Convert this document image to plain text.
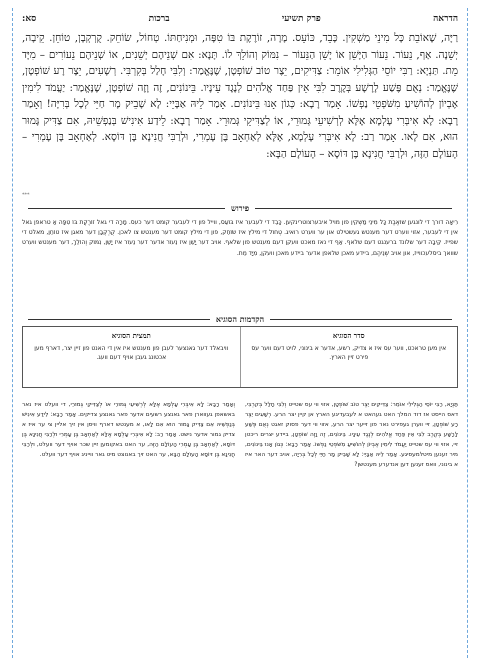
הדראה
פרק תשיעי
ברכות
סא:
רַיָּה, שֶׁאוֹבֵת כָּל מִינֵי מַשְׁקִין. כָּבֵד, כּוֹעֵס. מָרָה, זוֹרֶקֶת בּוֹ טִפָּה, וּמְנִיחַתּוֹ. טְחוֹל, שׂוֹחֵק. קֻרְקְבָן, טוֹחֵן. קֵיבָה, יְשֵׁנָה. אַף, נֵעוֹר. נֵעוֹר הַיָּשֵׁן אוֹ יָשֵׁן הַנֵּעוֹר – נִמּוֹק וְהוֹלֵךְ לוֹ. תָּנָא: אִם שְׁנֵיהֶם יְשֵׁנִים, אוֹ שְׁנֵיהֶם נֵעוֹרִים – מִיָּד מֵת. תַּנְיָא: רַבִּי יוֹסֵי הַגְּלִילִי אוֹמֵר: צַדִּיקִים, יֵצֶר טוֹב שׁוֹפְטָן, שֶׁנֶּאֱמַר: וְלִבִּי חָלַל בְּקִרְבִּי. רְשָׁעִים, יֵצֶר רָע שׁוֹפְטָן, שֶׁנֶּאֱמַר: נְאֻם פֶּשַׁע לָרָשָׁע בְּקֶרֶב לִבִּי אֵין פַּחַד אֱלֹהִים לְנֶגֶד עֵינָיו. בֵּינוֹנִים, זֶה וָזֶה שׁוֹפְטָן, שֶׁנֶּאֱמַר: יַעֲמֹד לִימִין אֶבְיוֹן לְהוֹשִׁיעַ מִשֹּׁפְטֵי נַפְשׁוֹ. אָמַר רָבָא: כְּגוֹן אָנוּ בֵּינוֹנִים. אָמַר לֵיהּ אַבָּיֵי: לָא שָׁבֵיק מָר חַיֵּי לְכָל בְּרִיָּה! וְאָמַר רָבָא: לָא אִיבְּרִי עָלְמָא אֶלָּא לְרְשִׁיעֵי גְּמוּרֵי, אוֹ לְצַדִּיקֵי גְּמוּרֵי. אָמַר רָבָא: לֵידַע אִינִישׁ בְּנַפְשֵׁיהּ, אִם צַדִּיק גָּמוּר הוּא, אִם לָאו. אָמַר רַב: לָא אִיבְּרִי עָלְמָא, אֶלָּא לְאַחְאָב בֶּן עָמְרִי, וּלְרַבִּי חֲנִינָא בֶּן דּוֹסָא. לְאַחְאָב בֶּן עָמְרִי – הָעוֹלָם הַזֶּה, וּלְרַבִּי חֲנִינָא בֶּן דּוֹסָא – הָעוֹלָם הַבָּא:
***
פירוש
רִיאָה דורך די לונגען שׁוֹאֶבֶת כָּל מִינֵי מַשְׁקִין פון מויל איבערצוטרינקען. כָּבֵד די לעבער איז בּוֹעֵס, ווייל פון די לעבער קומט דער כעס. מָרָה די גאל זוֹרֶקֶת בּוֹ טִפָּה אַ טראפן גאל אין די לעבער, אזוי ווערט דער מענטש געשטילט און ער ווערט רואיג. טְחוֹל די מילץ איז שׂוֹחֵק, פון די מילץ קומט דער מענטש צו לאכן. קֻרְקְבָן דער מאגן איז טוֹחֵן, מאלט די שפייז. קֵיבָה דער שלונד ברענגט דעם שלאף. אַף די נאז מאכט וועקן דעם מענטש פון שלאף. אויב דער יָשֵׁן איז נֵעוֹר אדער דער נֵעוֹר איז יָשֵׁן, נִמּוֹק וְהוֹלֵךְ, דער מענטש ווערט שוואך ביסלעכווייז, און אויב שְׁנֵיהֶם, ביידע מאכן שלאפן אדער ביידע מאכן וועקן, מִיָּד מֵת.
הקדמות הסוגיא
סדר הסוגיא
אין מען טראכט, ווער עס איז א צדיק, רשע, אדער א בינוני, לויט דעם ווער עס פירט זיין הארץ.
תמצית הסוגיא
וויבאלד דער גאנצער לעבן פון מענטש איז אין די האנט פון זיין יצר, דארף מען אכטונג געבן אויף דעם וועג.
תַּנְיָא, רַבִּי יוֹסֵי הַגְּלִילִי אוֹמֵר: צַדִּיקִים יֵצֶר טוֹב שׁוֹפְטָן, אזוי ווי עס שטייט וְלִבִּי חָלַל בְּקִרְבִּי, דאס הייסט אז דוד המלך האט געהאט א לעבעדיגע הארץ אן קיין יצר הרע. רְשָׁעִים יֵצֶר רָע שׁוֹפְטָן, זיי ווערן געפירט נאר פון זייער יצר הרע, אזוי ווי דער פסוק זאגט נְאֻם פֶּשַׁע לָרָשָׁע בְּקֶרֶב לִבִּי אֵין פַּחַד אֱלֹהִים לְנֶגֶד עֵינָיו. בֵּינוֹנִים, זֶה וָזֶה שׁוֹפְטָן, ביידע יצרים ריכטן זיי, אזוי ווי עס שטייט יַעֲמֹד לִימִין אֶבְיוֹן לְהוֹשִׁיעַ מִשֹּׁפְטֵי נַפְשׁוֹ. אָמַר רָבָא: כְּגוֹן אָנוּ בֵּינוֹנִים, מיר זענען מיטלמעסיגע. אָמַר לֵיהּ אַבָּיֵי: לָא שָׁבֵיק מָר חַיֵּי לְכָל בְּרִיָּה, אויב דער האר איז א בינוני, וואס זענען דען אנדערע מענטשן?
וְאָמַר רָבָא: לָא אִיבְּרִי עָלְמָא אֶלָּא לְרְשִׁיעֵי גְּמוּרֵי אוֹ לְצַדִּיקֵי גְּמוּרֵי, די וועלט איז נאר באשאפן געווארן פאר גאנצע רשעים אדער פאר גאנצע צדיקים. אָמַר רָבָא: לֵידַע אִינִישׁ בְּנַפְשֵׁיהּ אִם צַדִּיק גָּמוּר הוּא אִם לָאו, א מענטש דארף וויסן אין זיך אליין צי ער איז א צדיק גמור אדער נישט. אָמַר רַב: לָא אִיבְּרִי עָלְמָא אֶלָּא לְאַחְאָב בֶּן עָמְרִי וּלְרַבִּי חֲנִינָא בֶּן דּוֹסָא, לְאַחְאָב בֶּן עָמְרִי הָעוֹלָם הַזֶּה, ער האט באקומען זיין שכר אויף דער וועלט, וּלְרַבִּי חֲנִינָא בֶּן דּוֹסָא הָעוֹלָם הַבָּא, ער האט זיך באנוצט מיט גאר ווייניג אויף דער וועלט.
